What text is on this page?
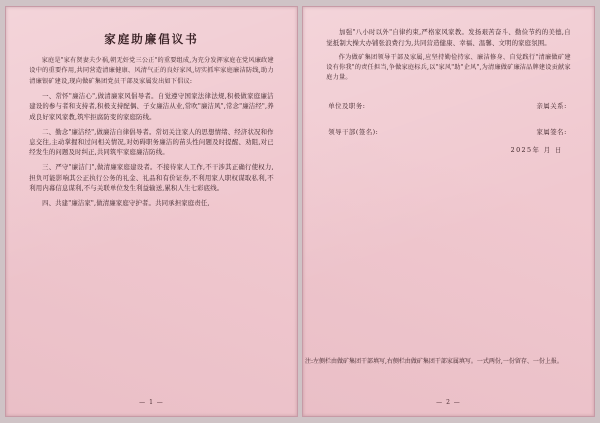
家庭助廉倡议书

家庭是"家有贤妻夫少祸,朝无奸党三公正"的重要组成,为充分发挥家庭在党风廉政建设中的重要作用,共同营造清廉健康、风清气正的良好家风,切实抓牢家庭廉洁防线,助力清廉银矿建设,现向做矿集团党员干部及家属发出如下倡议:

一、常怀"廉洁心",做清廉家风倡导者。自觉遵守国家法律法规,积极做家庭廉洁建设的参与者和支持者,积极支持配偶、子女廉洁从业,常吹"廉洁风",常念"廉洁经",养成良好家风家教,筑牢拒腐防变的家庭防线。

二、勤念"廉洁经",做廉洁自律倡导者。常切关注家人的思想情绪、经济状况和作息交往,主动掌握和过问相关情况,对妨碍职务廉洁的苗头性问题及时提醒、劝阻,对已经发生的问题及时纠正,共同筑牢家庭廉洁防线。

三、严守"廉洁门",做清廉家庭建设者。不接待家人工作,不干涉其正确行使权力,担负可能影响其公正执行公务的礼金、礼品和有价证券,不利用家人职权谋取私利,不利用内幕信息谋利,不与关联单位发生利益输送,累积人生七彩底线。

四、共建"廉洁家",做清廉家庭守护者。共同承担家庭责任,

— 1 —

加强"八小时以外"自律约束,严格家风家教。发扬艰苦奋斗、勤俭节约的美德,自觉抵制大操大办铺张浪费行为,共同营造健康、幸福、温馨、文明的家庭氛围。

作为做矿集团领导干部及家属,应坚持勤俭持家、廉洁修身、自觉践行"清廉做矿建设有你我"的责任担当,争做家庭标兵,以"家风"助"企风",为清廉做矿廉洁品牌建设贡献家庭力量。

单位及职务:	亲属关系:
领导干部(签名):	家属签名:
2025年 月 日
注:左侧栏由做矿集团干部填写,右侧栏由做矿集团干部家属填写。一式两份,一份留存、一份上报。
— 2 —
